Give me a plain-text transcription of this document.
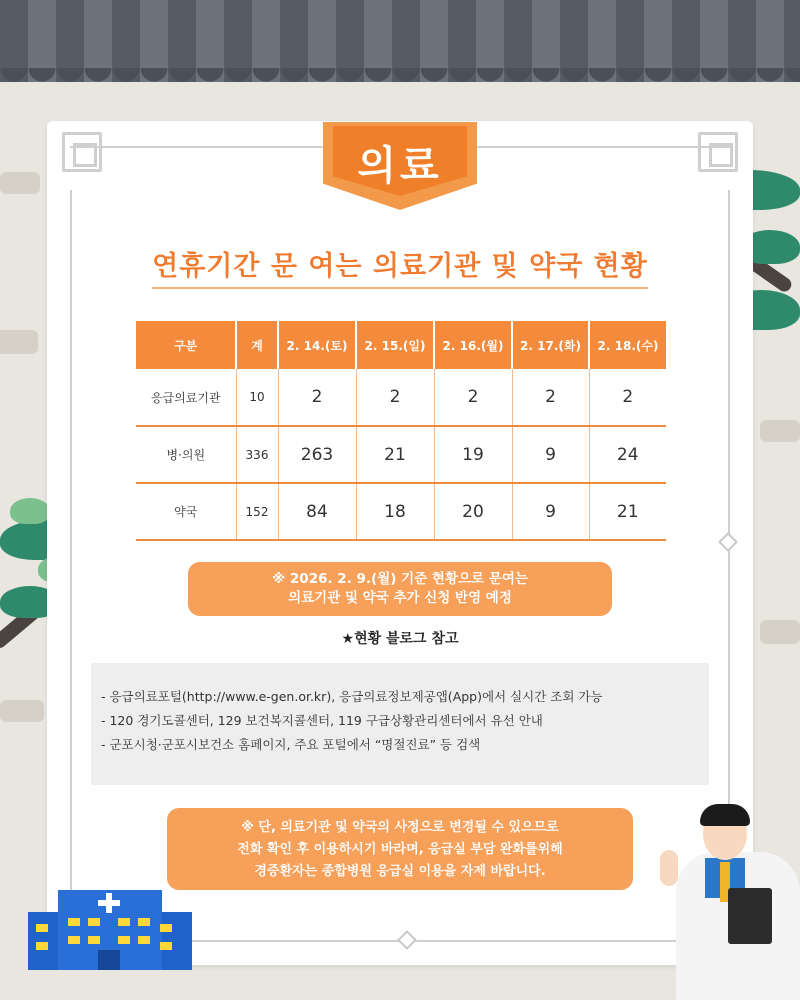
의료
연휴기간 문 여는 의료기관 및 약국 현황
구분	계	2. 14.(토)	2. 15.(일)	2. 16.(월)	2. 17.(화)	2. 18.(수)
응급의료기관	10	2	2	2	2	2
병·의원	336	263	21	19	9	24
약국	152	84	18	20	9	21
※ 2026. 2. 9.(월) 기준 현황으로 문여는
의료기관 및 약국 추가 신청 반영 예정
★현황 블로그 참고

- 응급의료포털(http://www.e-gen.or.kr), 응급의료정보제공앱(App)에서 실시간 조회 가능

- 120 경기도콜센터, 129 보건복지콜센터, 119 구급상황관리센터에서 유선 안내

- 군포시청·군포시보건소 홈페이지, 주요 포털에서 “명절진료” 등 검색

※ 단, 의료기관 및 약국의 사정으로 변경될 수 있으므로
전화 확인 후 이용하시기 바라며, 응급실 부담 완화를위해
경증환자는 종합병원 응급실 이용을 자제 바랍니다.
